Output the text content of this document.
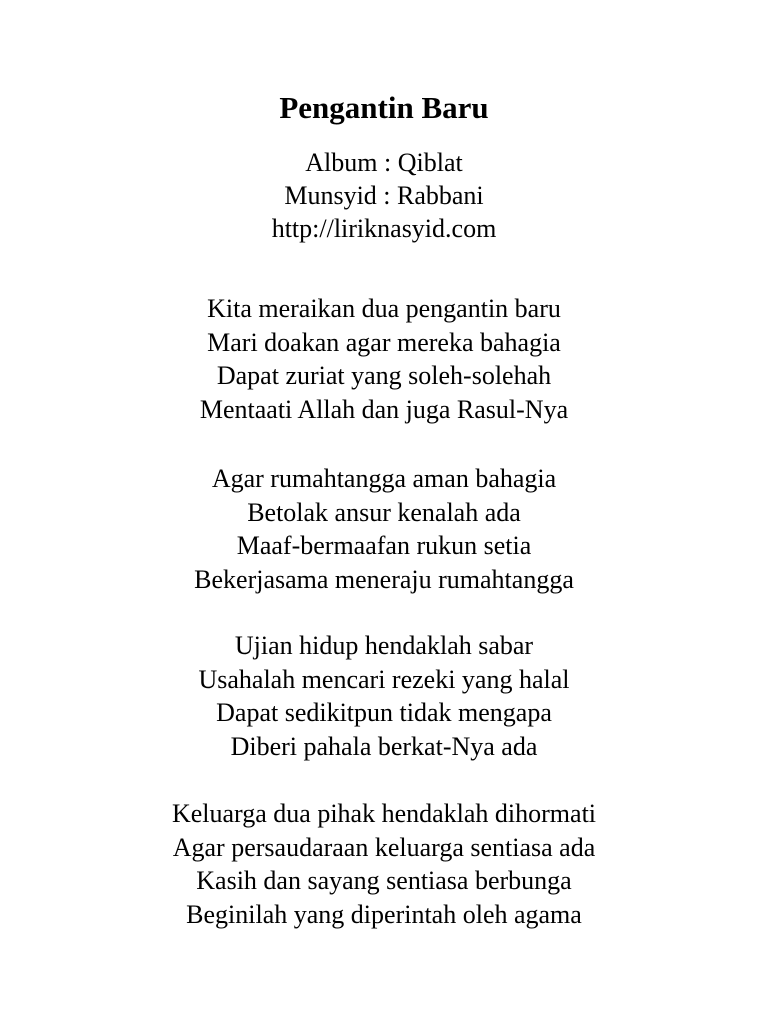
Pengantin Baru
Album : Qiblat
Munsyid : Rabbani
http://liriknasyid.com
Kita meraikan dua pengantin baru
Mari doakan agar mereka bahagia
Dapat zuriat yang soleh-solehah
Mentaati Allah dan juga Rasul-Nya
Agar rumahtangga aman bahagia
Betolak ansur kenalah ada
Maaf-bermaafan rukun setia
Bekerjasama meneraju rumahtangga
Ujian hidup hendaklah sabar
Usahalah mencari rezeki yang halal
Dapat sedikitpun tidak mengapa
Diberi pahala berkat-Nya ada
Keluarga dua pihak hendaklah dihormati
Agar persaudaraan keluarga sentiasa ada
Kasih dan sayang sentiasa berbunga
Beginilah yang diperintah oleh agama
